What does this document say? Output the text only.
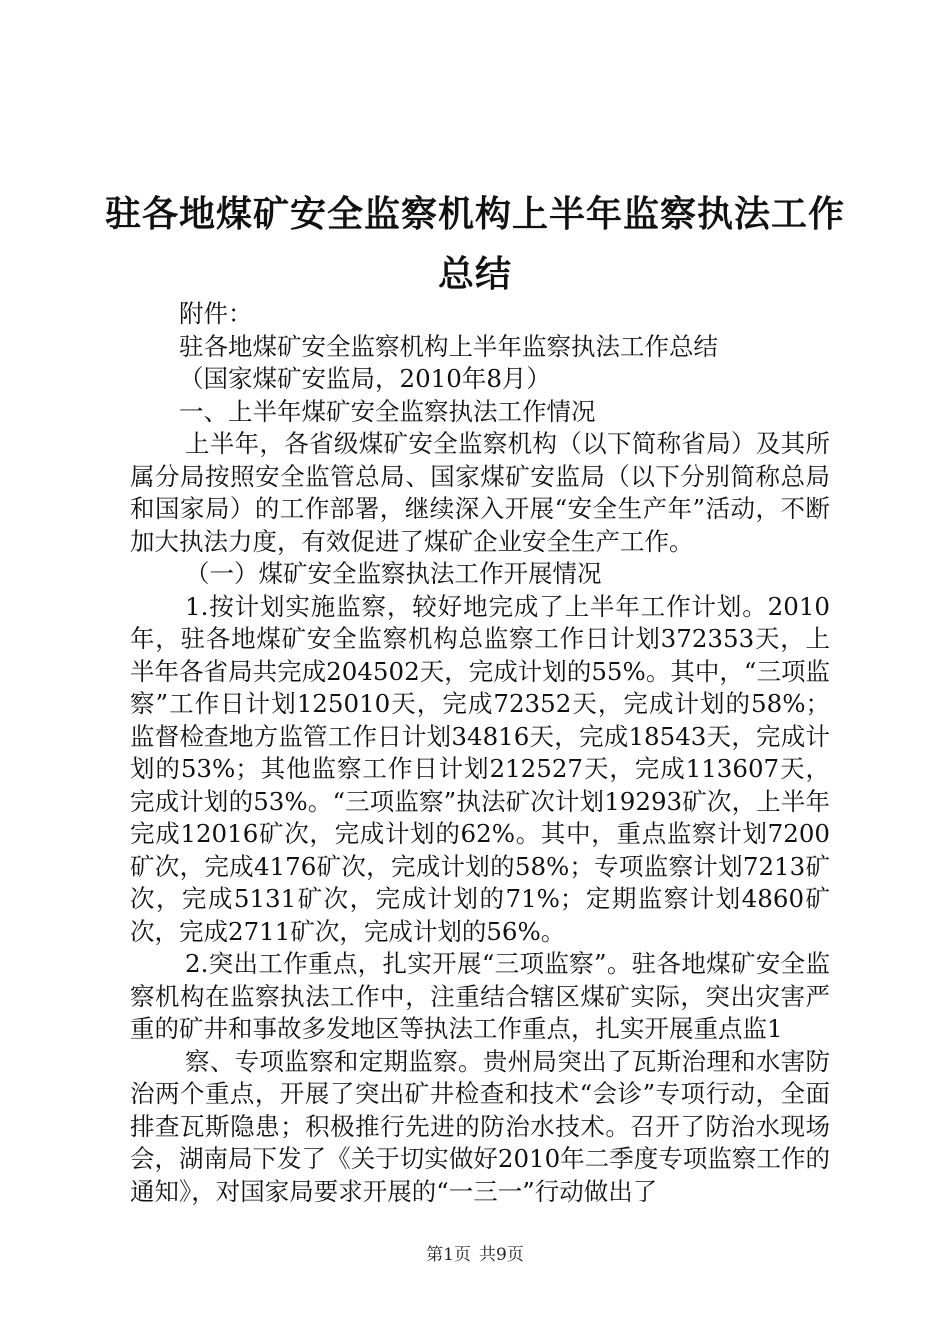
驻各地煤矿安全监察机构上半年监察执法工作
总结

附件：

驻各地煤矿安全监察机构上半年监察执法工作总结

（国家煤矿安监局，2010年8月）

一、上半年煤矿安全监察执法工作情况

上半年，各省级煤矿安全监察机构（以下简称省局）及其所属分局按照安全监管总局、国家煤矿安监局（以下分别简称总局和国家局）的工作部署，继续深入开展“安全生产年”活动，不断加大执法力度，有效促进了煤矿企业安全生产工作。

（一）煤矿安全监察执法工作开展情况

1.按计划实施监察，较好地完成了上半年工作计划。2010年，驻各地煤矿安全监察机构总监察工作日计划372353天，上半年各省局共完成204502天，完成计划的55%。其中，“三项监察”工作日计划125010天，完成72352天，完成计划的58%；监督检查地方监管工作日计划34816天，完成18543天，完成计划的53%；其他监察工作日计划212527天，完成113607天，完成计划的53%。“三项监察”执法矿次计划19293矿次，上半年完成12016矿次，完成计划的62%。其中，重点监察计划7200矿次，完成4176矿次，完成计划的58%；专项监察计划7213矿次，完成5131矿次，完成计划的71%；定期监察计划4860矿次，完成2711矿次，完成计划的56%。

2.突出工作重点，扎实开展“三项监察”。驻各地煤矿安全监察机构在监察执法工作中，注重结合辖区煤矿实际，突出灾害严重的矿井和事故多发地区等执法工作重点，扎实开展重点监1

察、专项监察和定期监察。贵州局突出了瓦斯治理和水害防治两个重点，开展了突出矿井检查和技术“会诊”专项行动，全面排查瓦斯隐患；积极推行先进的防治水技术。召开了防治水现场会，湖南局下发了《关于切实做好2010年二季度专项监察工作的通知》，对国家局要求开展的“一三一”行动做出了

第1页 共9页
